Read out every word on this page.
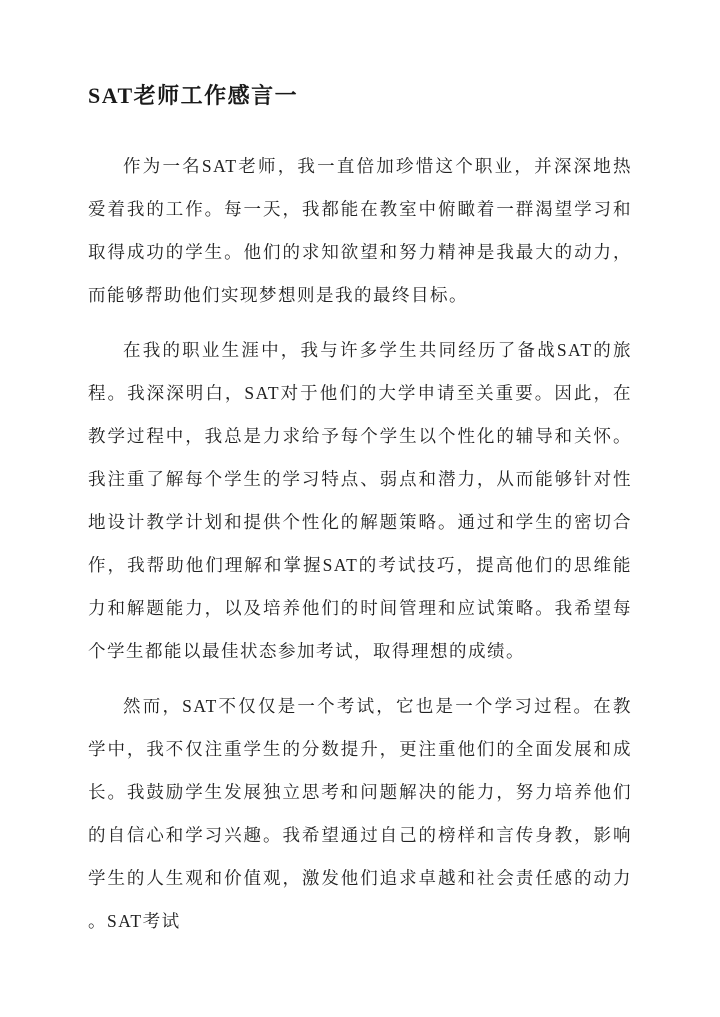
SAT老师工作感言一

作为一名SAT老师，我一直倍加珍惜这个职业，并深深地热爱着我的工作。每一天，我都能在教室中俯瞰着一群渴望学习和取得成功的学生。他们的求知欲望和努力精神是我最大的动力，而能够帮助他们实现梦想则是我的最终目标。

在我的职业生涯中，我与许多学生共同经历了备战SAT的旅程。我深深明白，SAT对于他们的大学申请至关重要。因此，在教学过程中，我总是力求给予每个学生以个性化的辅导和关怀。我注重了解每个学生的学习特点、弱点和潜力，从而能够针对性地设计教学计划和提供个性化的解题策略。通过和学生的密切合作，我帮助他们理解和掌握SAT的考试技巧，提高他们的思维能力和解题能力，以及培养他们的时间管理和应试策略。我希望每个学生都能以最佳状态参加考试，取得理想的成绩。

然而，SAT不仅仅是一个考试，它也是一个学习过程。在教学中，我不仅注重学生的分数提升，更注重他们的全面发展和成长。我鼓励学生发展独立思考和问题解决的能力，努力培养他们的自信心和学习兴趣。我希望通过自己的榜样和言传身教，影响学生的人生观和价值观，激发他们追求卓越和社会责任感的动力。SAT考试
